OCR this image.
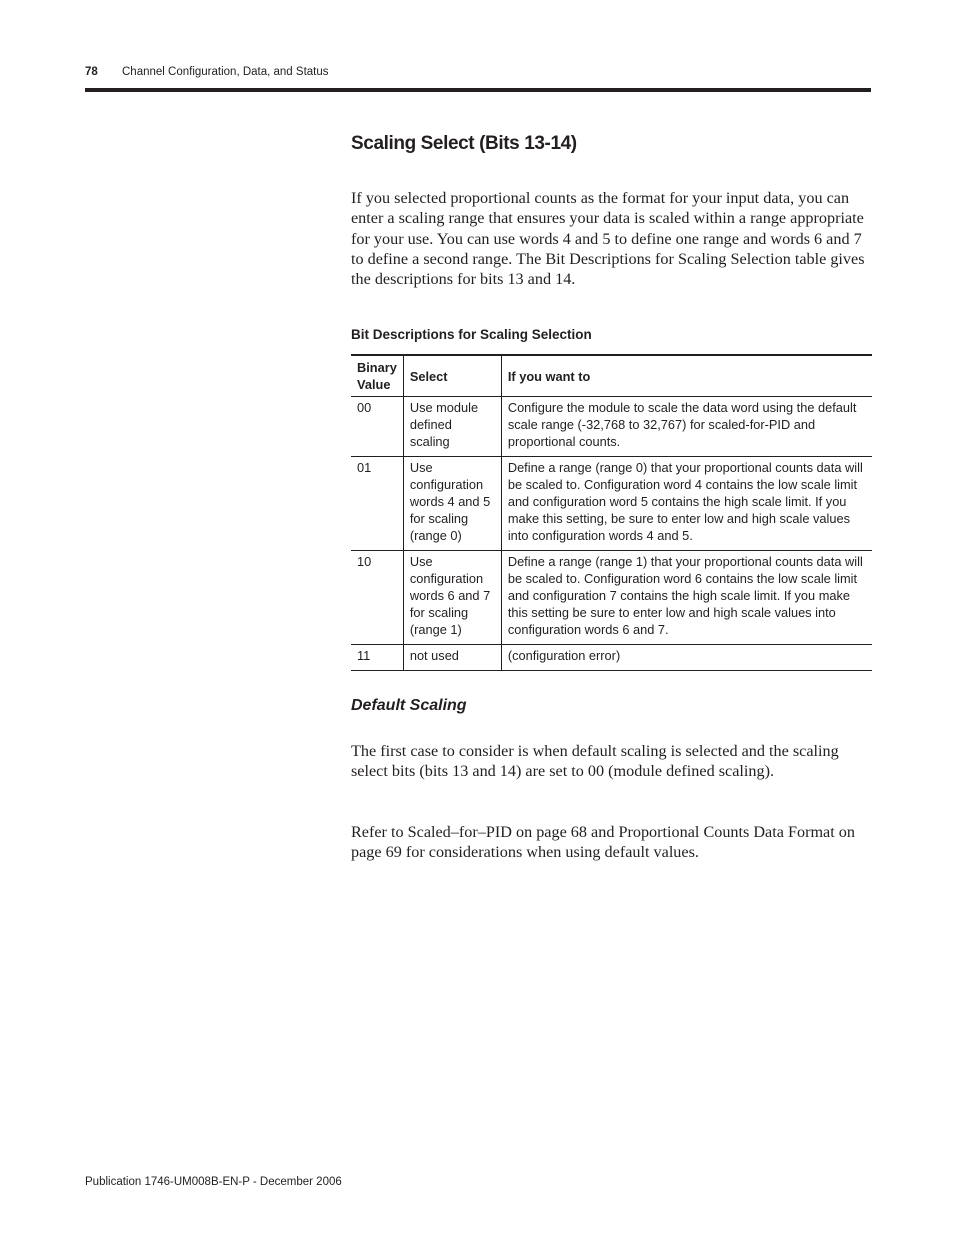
78 Channel Configuration, Data, and Status
Scaling Select (Bits 13-14)

If you selected proportional counts as the format for your input data, you can enter a scaling range that ensures your data is scaled within a range appropriate for your use. You can use words 4 and 5 to define one range and words 6 and 7 to define a second range. The Bit Descriptions for Scaling Selection table gives the descriptions for bits 13 and 14.

Bit Descriptions for Scaling Selection

Binary Value	Select	If you want to
00	Use module defined scaling	Configure the module to scale the data word using the default scale range (-32,768 to 32,767) for scaled-for-PID and proportional counts.
01	Use configuration words 4 and 5 for scaling (range 0)	Define a range (range 0) that your proportional counts data will be scaled to. Configuration word 4 contains the low scale limit and configuration word 5 contains the high scale limit. If you make this setting, be sure to enter low and high scale values into configuration words 4 and 5.
10	Use configuration words 6 and 7 for scaling (range 1)	Define a range (range 1) that your proportional counts data will be scaled to. Configuration word 6 contains the low scale limit and configuration 7 contains the high scale limit. If you make this setting be sure to enter low and high scale values into configuration words 6 and 7.
11	not used	(configuration error)
Default Scaling

The first case to consider is when default scaling is selected and the scaling select bits (bits 13 and 14) are set to 00 (module defined scaling).

Refer to Scaled–for–PID on page 68 and Proportional Counts Data Format on page 69 for considerations when using default values.

Publication 1746-UM008B-EN-P - December 2006
